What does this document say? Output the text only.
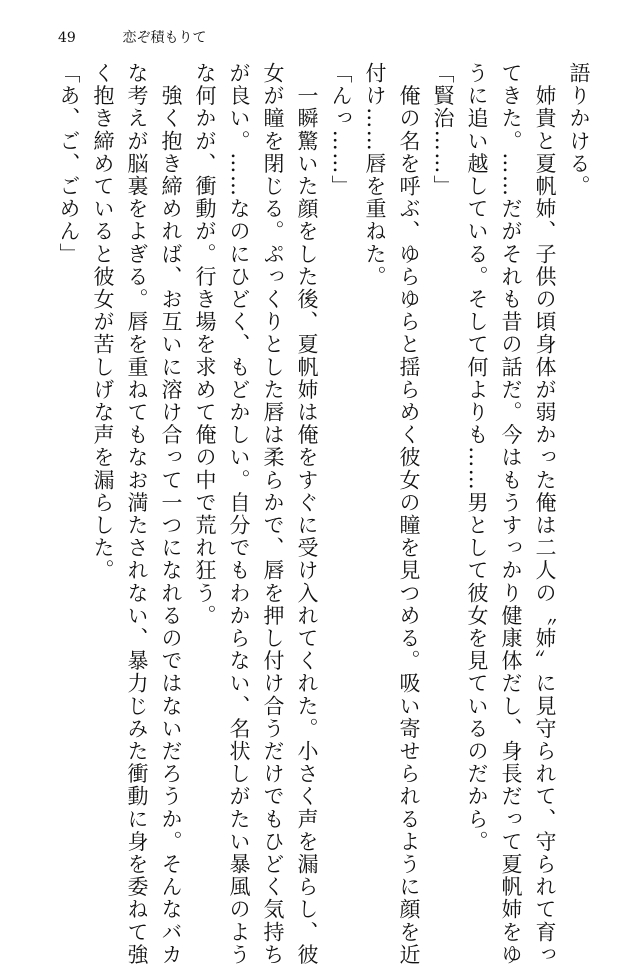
49	恋ぞ積もりて
語りかける。
　姉貴と夏帆姉、子供の頃身体が弱かった俺は二人の〝姉〟に見守られて、守られて育っ
てきた。……だがそれも昔の話だ。今はもうすっかり健康体だし、身長だって夏帆姉をゆ
うに追い越している。そして何よりも……男として彼女を見ているのだから。
「賢治……」
　俺の名を呼ぶ、ゆらゆらと揺らめく彼女の瞳を見つめる。吸い寄せられるように顔を近
付け……唇を重ねた。
「んっ……」
　一瞬驚いた顔をした後、夏帆姉は俺をすぐに受け入れてくれた。小さく声を漏らし、彼
女が瞳を閉じる。ぷっくりとした唇は柔らかで、唇を押し付け合うだけでもひどく気持ち
が良い。……なのにひどく、もどかしい。自分でもわからない、名状しがたい暴風のよう
な何かが、衝動が。行き場を求めて俺の中で荒れ狂う。
　強く抱き締めれば、お互いに溶け合って一つになれるのではないだろうか。そんなバカ
な考えが脳裏をよぎる。唇を重ねてもなお満たされない、暴力じみた衝動に身を委ねて強
く抱き締めていると彼女が苦しげな声を漏らした。
「あ、ご、ごめん」
